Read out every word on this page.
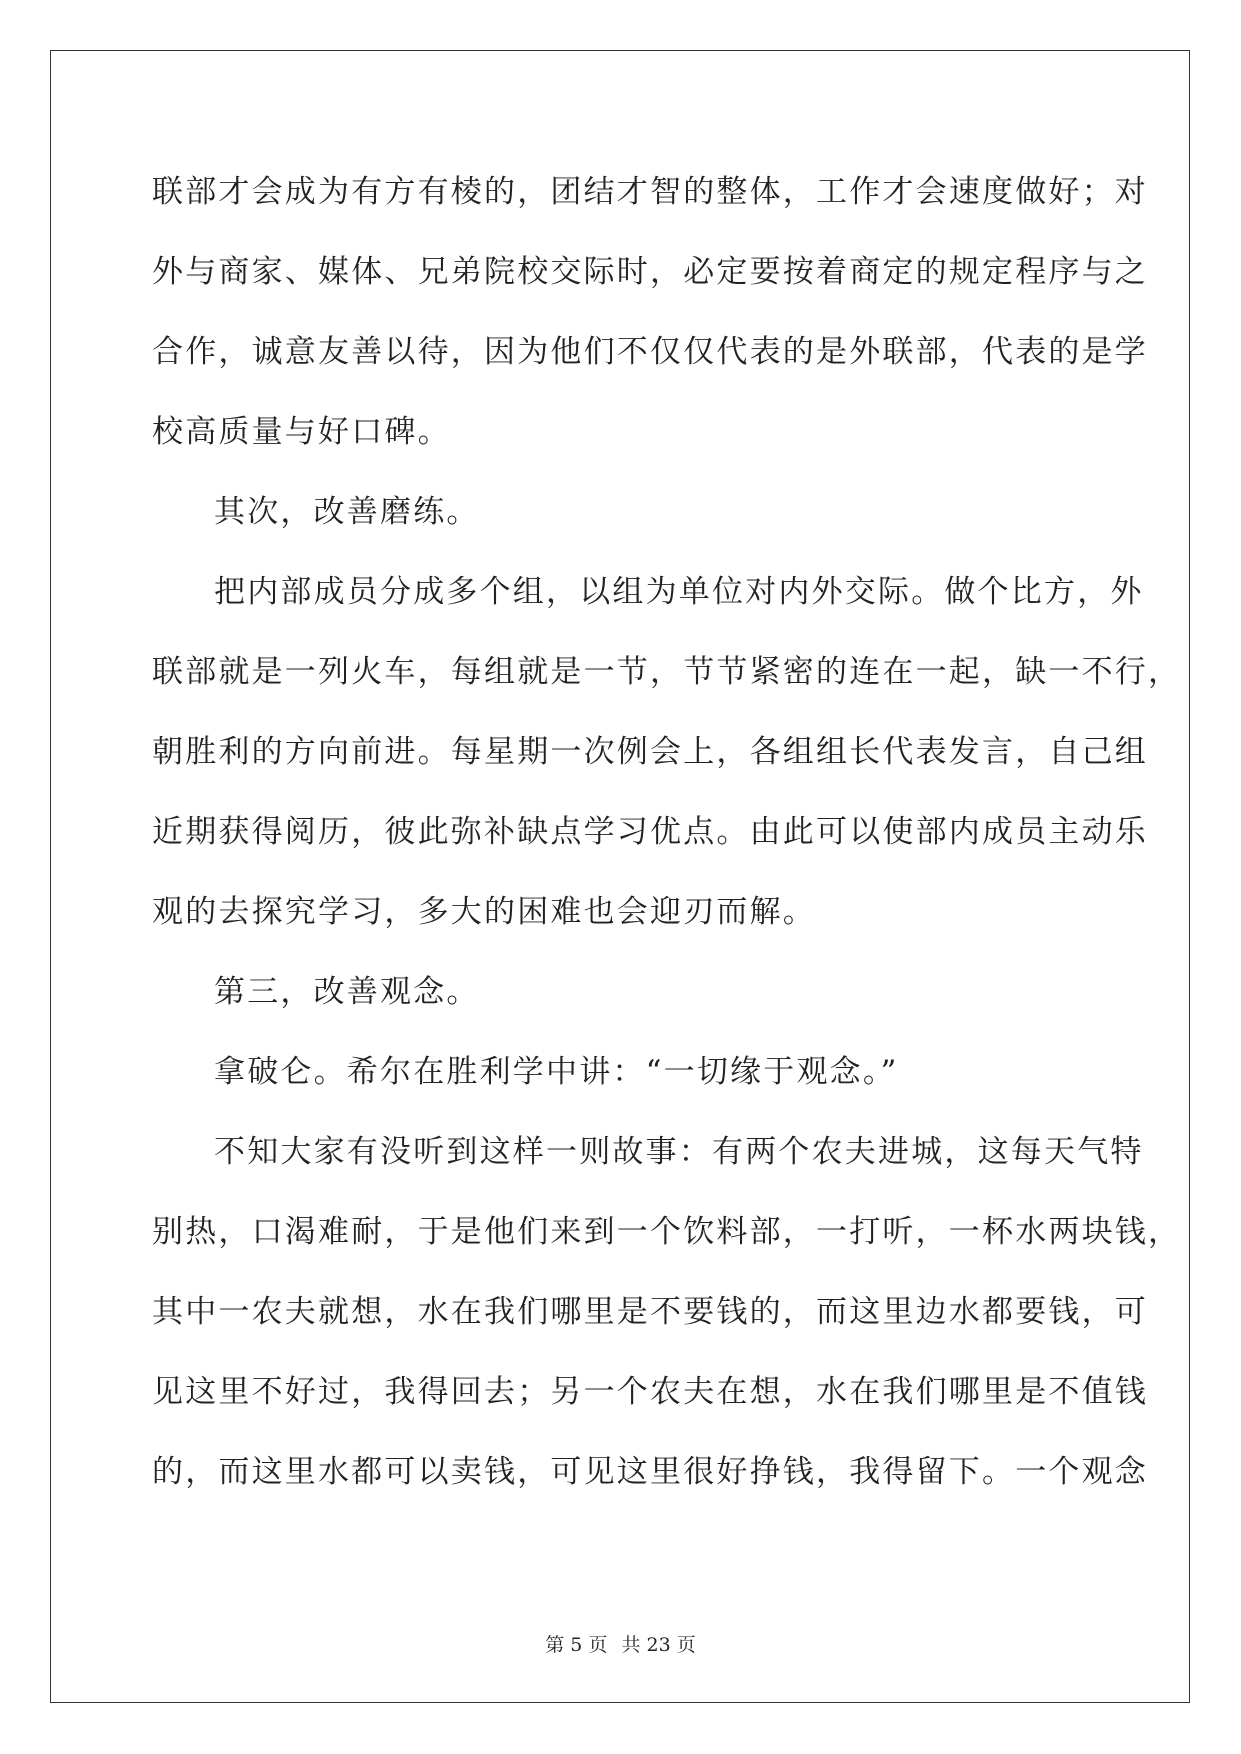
联部才会成为有方有棱的，团结才智的整体，工作才会速度做好；对
外与商家、媒体、兄弟院校交际时，必定要按着商定的规定程序与之
合作，诚意友善以待，因为他们不仅仅代表的是外联部，代表的是学
校高质量与好口碑。
其次，改善磨练。
把内部成员分成多个组，以组为单位对内外交际。做个比方，外
联部就是一列火车，每组就是一节，节节紧密的连在一起，缺一不行，
朝胜利的方向前进。每星期一次例会上，各组组长代表发言，自己组
近期获得阅历，彼此弥补缺点学习优点。由此可以使部内成员主动乐
观的去探究学习，多大的困难也会迎刃而解。
第三，改善观念。
拿破仑。希尔在胜利学中讲：“一切缘于观念。”
不知大家有没听到这样一则故事：有两个农夫进城，这每天气特
别热，口渴难耐，于是他们来到一个饮料部，一打听，一杯水两块钱，
其中一农夫就想，水在我们哪里是不要钱的，而这里边水都要钱，可
见这里不好过，我得回去；另一个农夫在想，水在我们哪里是不值钱
的，而这里水都可以卖钱，可见这里很好挣钱，我得留下。一个观念
第 5 页 共 23 页
